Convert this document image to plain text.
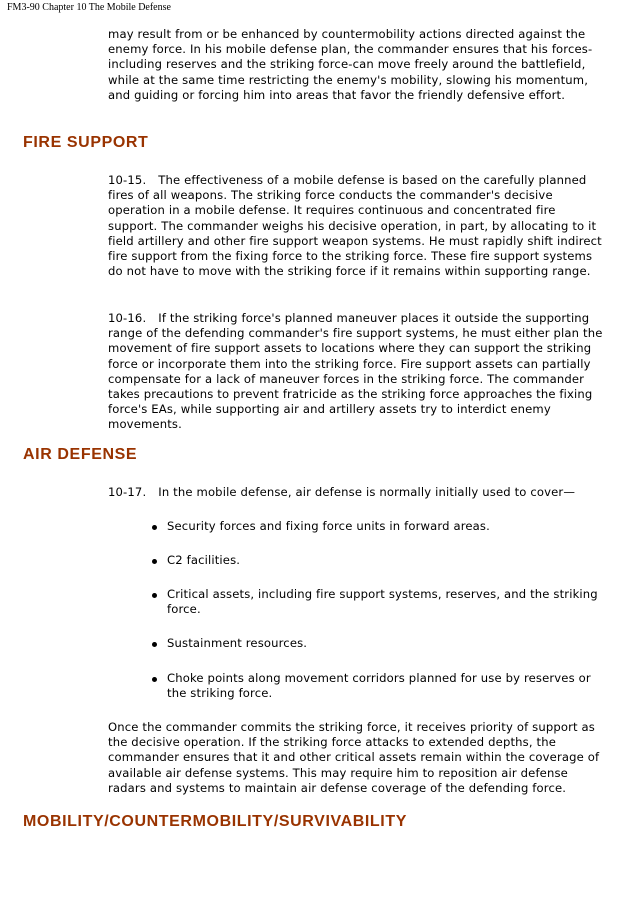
FM3-90 Chapter 10 The Mobile Defense

may result from or be enhanced by countermobility actions directed against the enemy force. In his mobile defense plan, the commander ensures that his forces-including reserves and the striking force-can move freely around the battlefield, while at the same time restricting the enemy's mobility, slowing his momentum, and guiding or forcing him into areas that favor the friendly defensive effort.

FIRE SUPPORT

10-15. The effectiveness of a mobile defense is based on the carefully planned fires of all weapons. The striking force conducts the commander's decisive operation in a mobile defense. It requires continuous and concentrated fire support. The commander weighs his decisive operation, in part, by allocating to it field artillery and other fire support weapon systems. He must rapidly shift indirect fire support from the fixing force to the striking force. These fire support systems do not have to move with the striking force if it remains within supporting range.

10-16. If the striking force's planned maneuver places it outside the supporting range of the defending commander's fire support systems, he must either plan the movement of fire support assets to locations where they can support the striking force or incorporate them into the striking force. Fire support assets can partially compensate for a lack of maneuver forces in the striking force. The commander takes precautions to prevent fratricide as the striking force approaches the fixing force's EAs, while supporting air and artillery assets try to interdict enemy movements.

AIR DEFENSE

10-17. In the mobile defense, air defense is normally initially used to cover—

Security forces and fixing force units in forward areas.
C2 facilities.
Critical assets, including fire support systems, reserves, and the striking force.
Sustainment resources.
Choke points along movement corridors planned for use by reserves or the striking force.

Once the commander commits the striking force, it receives priority of support as the decisive operation. If the striking force attacks to extended depths, the commander ensures that it and other critical assets remain within the coverage of available air defense systems. This may require him to reposition air defense radars and systems to maintain air defense coverage of the defending force.

MOBILITY/COUNTERMOBILITY/SURVIVABILITY
